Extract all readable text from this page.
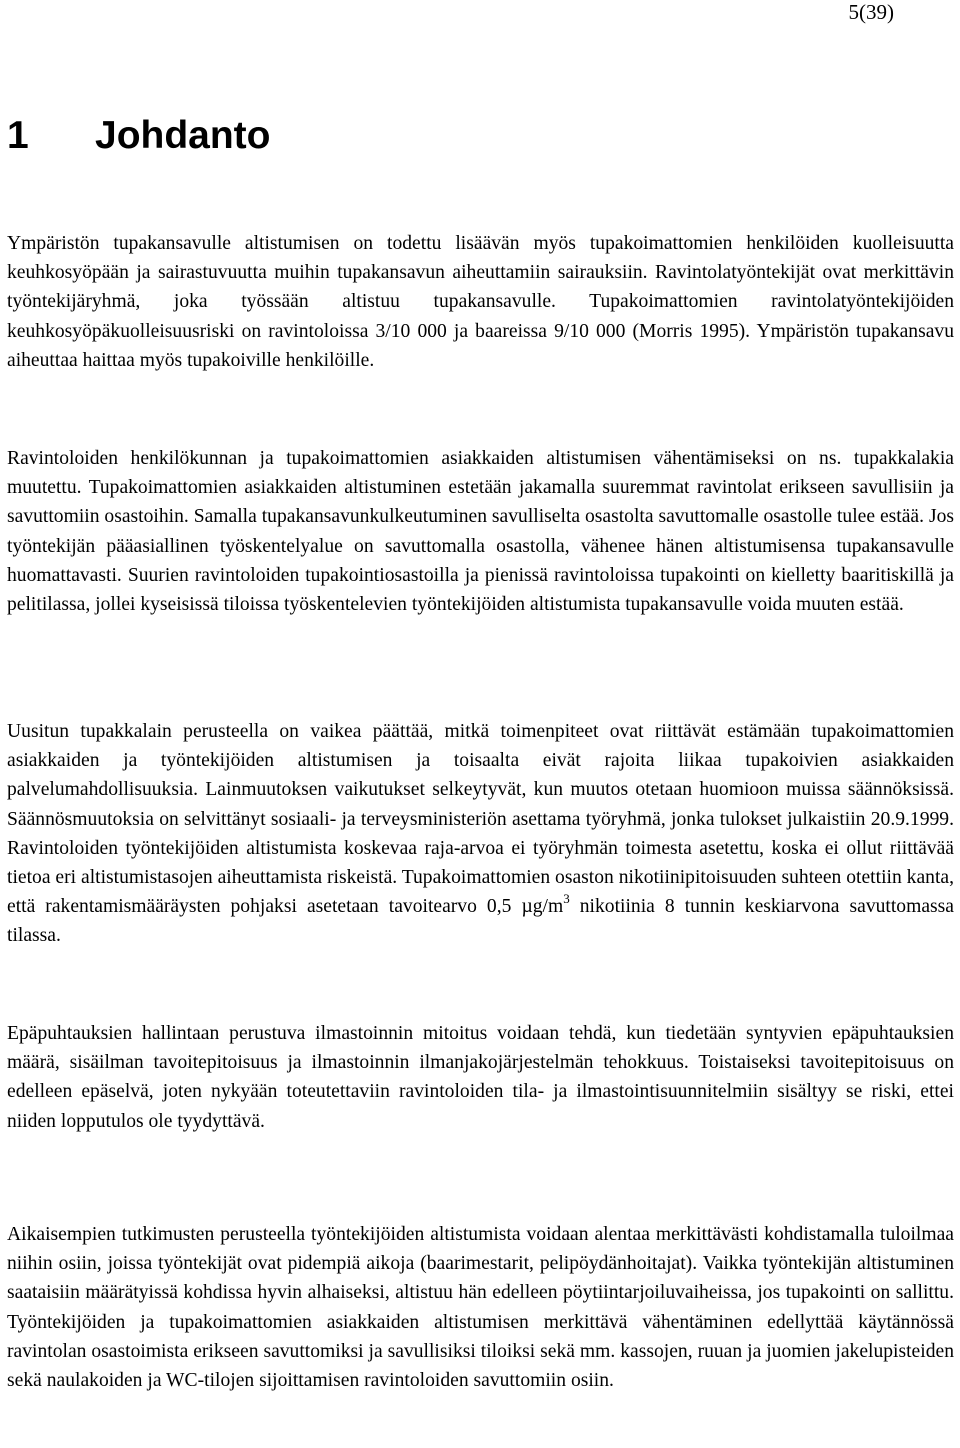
5(39)
1 Johdanto

Ympäristön tupakansavulle altistumisen on todettu lisäävän myös tupakoimattomien henkilöiden kuolleisuutta keuhkosyöpään ja sairastuvuutta muihin tupakansavun aiheuttamiin sairauksiin. Ravintolatyöntekijät ovat merkittävin työntekijäryhmä, joka työssään altistuu tupakansavulle. Tupakoimattomien ravintolatyöntekijöiden keuhkosyöpäkuolleisuusriski on ravintoloissa 3/10 000 ja baareissa 9/10 000 (Morris 1995). Ympäristön tupakansavu aiheuttaa haittaa myös tupakoiville henkilöille.

Ravintoloiden henkilökunnan ja tupakoimattomien asiakkaiden altistumisen vähentämiseksi on ns. tupakkalakia muutettu. Tupakoimattomien asiakkaiden altistuminen estetään jakamalla suuremmat ravintolat erikseen savullisiin ja savuttomiin osastoihin. Samalla tupakansavunkulkeutuminen savulliselta osastolta savuttomalle osastolle tulee estää. Jos työntekijän pääasiallinen työskentelyalue on savuttomalla osastolla, vähenee hänen altistumisensa tupakansavulle huomattavasti. Suurien ravintoloiden tupakointiosastoilla ja pienissä ravintoloissa tupakointi on kielletty baaritiskillä ja pelitilassa, jollei kyseisissä tiloissa työskentelevien työntekijöiden altistumista tupakansavulle voida muuten estää.

Uusitun tupakkalain perusteella on vaikea päättää, mitkä toimenpiteet ovat riittävät estämään tupakoimattomien asiakkaiden ja työntekijöiden altistumisen ja toisaalta eivät rajoita liikaa tupakoivien asiakkaiden palvelumahdollisuuksia. Lainmuutoksen vaikutukset selkeytyvät, kun muutos otetaan huomioon muissa säännöksissä. Säännösmuutoksia on selvittänyt sosiaali- ja terveysministeriön asettama työryhmä, jonka tulokset julkaistiin 20.9.1999. Ravintoloiden työntekijöiden altistumista koskevaa raja-arvoa ei työryhmän toimesta asetettu, koska ei ollut riittävää tietoa eri altistumistasojen aiheuttamista riskeistä. Tupakoimattomien osaston nikotiinipitoisuuden suhteen otettiin kanta, että rakentamismääräysten pohjaksi asetetaan tavoitearvo 0,5 $\mu g/m^3$ nikotiinia 8 tunnin keskiarvona savuttomassa tilassa.

Epäpuhtauksien hallintaan perustuva ilmastoinnin mitoitus voidaan tehdä, kun tiedetään syntyvien epäpuhtauksien määrä, sisäilman tavoitepitoisuus ja ilmastoinnin ilmanjakojärjestelmän tehokkuus. Toistaiseksi tavoitepitoisuus on edelleen epäselvä, joten nykyään toteutettaviin ravintoloiden tila- ja ilmastointisuunnitelmiin sisältyy se riski, ettei niiden lopputulos ole tyydyttävä.

Aikaisempien tutkimusten perusteella työntekijöiden altistumista voidaan alentaa merkittävästi kohdistamalla tuloilmaa niihin osiin, joissa työntekijät ovat pidempiä aikoja (baarimestarit, pelipöydänhoitajat). Vaikka työntekijän altistuminen saataisiin määrätyissä kohdissa hyvin alhaiseksi, altistuu hän edelleen pöytiintarjoiluvaiheissa, jos tupakointi on sallittu. Työntekijöiden ja tupakoimattomien asiakkaiden altistumisen merkittävä vähentäminen edellyttää käytännössä ravintolan osastoimista erikseen savuttomiksi ja savullisiksi tiloiksi sekä mm. kassojen, ruuan ja juomien jakelupisteiden sekä naulakoiden ja WC-tilojen sijoittamisen ravintoloiden savuttomiin osiin.
